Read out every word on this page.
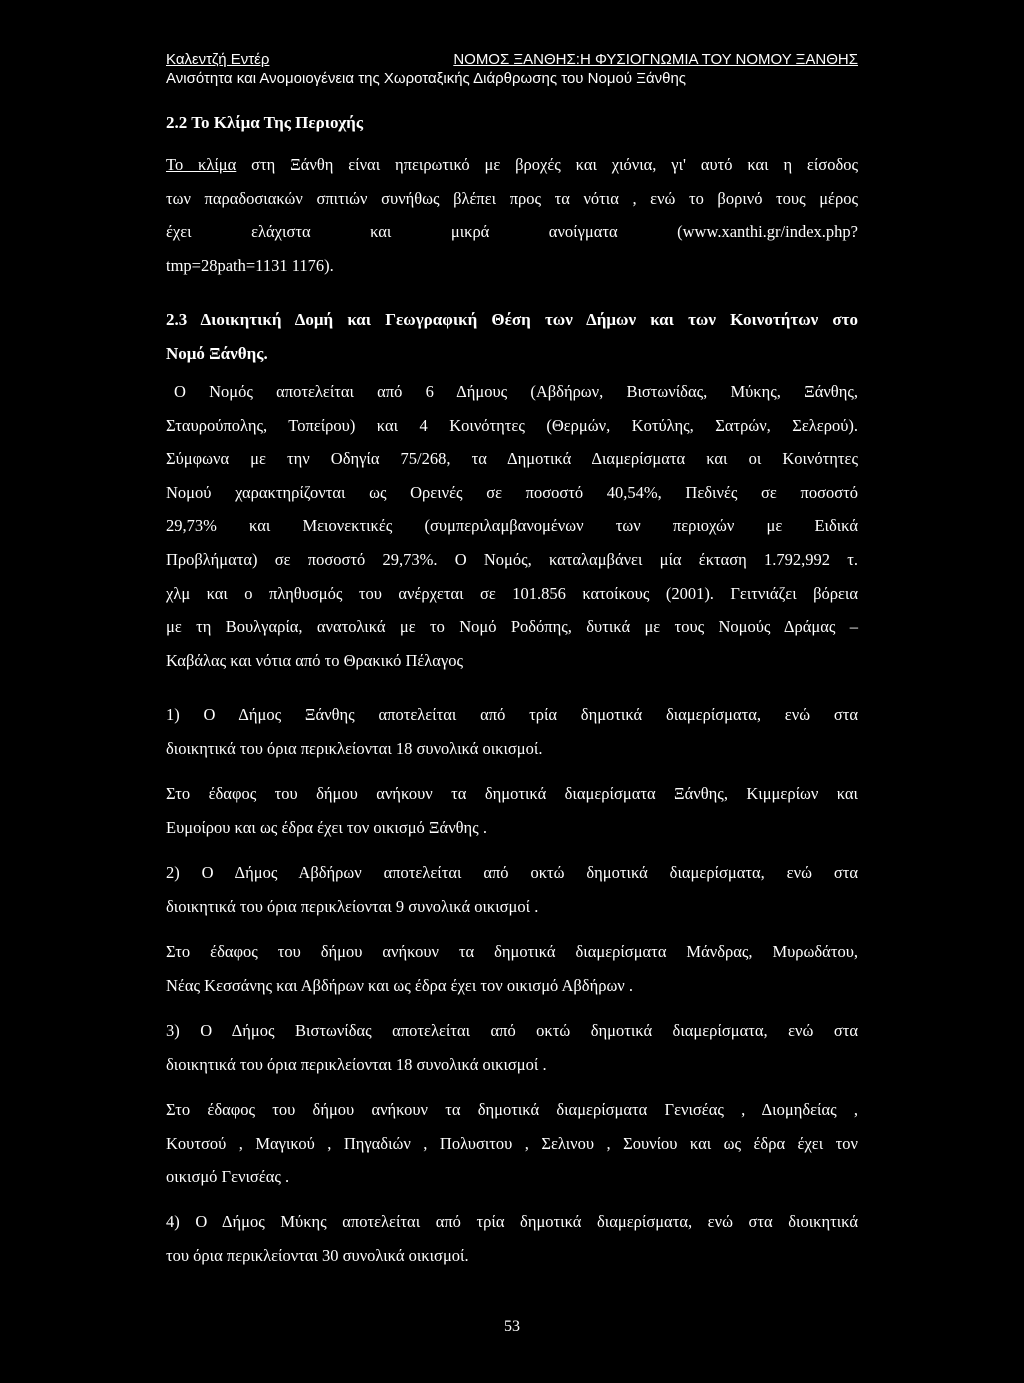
Καλεντζή Εντέρ	ΝΟΜΟΣ ΞΑΝΘΗΣ:Η ΦΥΣΙΟΓΝΩΜΙΑ ΤΟΥ ΝΟΜΟΥ ΞΑΝΘΗΣ
Ανισότητα και Ανομοιογένεια της Χωροταξικής Διάρθρωσης του Νομού Ξάνθης
2.2 Το Κλίμα Της Περιοχής
Το κλίμα στη Ξάνθη είναι ηπειρωτικό με βροχές και χιόνια, γι' αυτό και η είσοδος
των παραδοσιακών σπιτιών συνήθως βλέπει προς τα νότια , ενώ το βορινό τους μέρος
έχει ελάχιστα και μικρά ανοίγματα (www.xanthi.gr/index.php?
tmp=28path=1131 1176).
2.3 Διοικητική Δομή και Γεωγραφική Θέση των Δήμων και των Κοινοτήτων στο
Νομό Ξάνθης.
Ο Νομός αποτελείται από 6 Δήμους (Αβδήρων, Βιστωνίδας, Μύκης, Ξάνθης,
Σταυρούπολης, Τοπείρου) και 4 Κοινότητες (Θερμών, Κοτύλης, Σατρών, Σελερού).
Σύμφωνα με την Οδηγία 75/268, τα Δημοτικά Διαμερίσματα και οι Κοινότητες
Νομού χαρακτηρίζονται ως Ορεινές σε ποσοστό 40,54%, Πεδινές σε ποσοστό
29,73% και Μειονεκτικές (συμπεριλαμβανομένων των περιοχών με Ειδικά
Προβλήματα) σε ποσοστό 29,73%. Ο Νομός, καταλαμβάνει μία έκταση 1.792,992 τ.
χλμ και ο πληθυσμός του ανέρχεται σε 101.856 κατοίκους (2001). Γειτνιάζει βόρεια
με τη Βουλγαρία, ανατολικά με το Νομό Ροδόπης, δυτικά με τους Νομούς Δράμας –
Καβάλας και νότια από το Θρακικό Πέλαγος
1) Ο Δήμος Ξάνθης αποτελείται από τρία δημοτικά διαμερίσματα, ενώ στα
διοικητικά του όρια περικλείονται 18 συνολικά οικισμοί.
Στο έδαφος του δήμου ανήκουν τα δημοτικά διαμερίσματα Ξάνθης, Κιμμερίων και
Ευμοίρου και ως έδρα έχει τον οικισμό Ξάνθης .
2) Ο Δήμος Αβδήρων αποτελείται από οκτώ δημοτικά διαμερίσματα, ενώ στα
διοικητικά του όρια περικλείονται 9 συνολικά οικισμοί .
Στο έδαφος του δήμου ανήκουν τα δημοτικά διαμερίσματα Μάνδρας, Μυρωδάτου,
Νέας Κεσσάνης και Αβδήρων και ως έδρα έχει τον οικισμό Αβδήρων .
3) Ο Δήμος Βιστωνίδας αποτελείται από οκτώ δημοτικά διαμερίσματα, ενώ στα
διοικητικά του όρια περικλείονται 18 συνολικά οικισμοί .
Στο έδαφος του δήμου ανήκουν τα δημοτικά διαμερίσματα Γενισέας , Διομηδείας ,
Κουτσού , Μαγικού , Πηγαδιών , Πολυσιτου , Σελινου , Σουνίου και ως έδρα έχει τον
οικισμό Γενισέας .
4) Ο Δήμος Μύκης αποτελείται από τρία δημοτικά διαμερίσματα, ενώ στα διοικητικά
του όρια περικλείονται 30 συνολικά οικισμοί.
53
